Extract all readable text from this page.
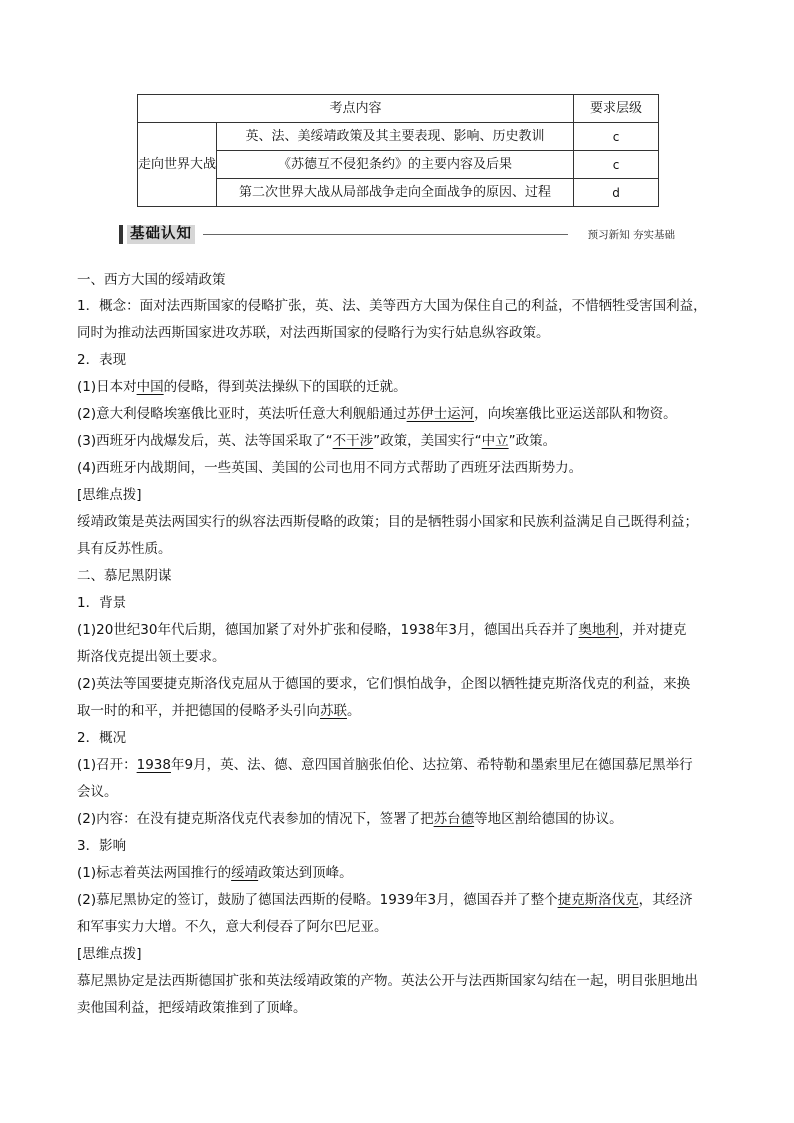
考点内容		要求层级
走向世界大战	英、法、美绥靖政策及其主要表现、影响、历史教训	c
	《苏德互不侵犯条约》的主要内容及后果	c
	第二次世界大战从局部战争走向全面战争的原因、过程	d
基础认知	预习新知 夯实基础
一、西方大国的绥靖政策
1．概念：面对法西斯国家的侵略扩张，英、法、美等西方大国为保住自己的利益，不惜牺牲受害国利益，
同时为推动法西斯国家进攻苏联，对法西斯国家的侵略行为实行姑息纵容政策。
2．表现
(1)日本对中国的侵略，得到英法操纵下的国联的迁就。
(2)意大利侵略埃塞俄比亚时，英法听任意大利舰船通过苏伊士运河，向埃塞俄比亚运送部队和物资。
(3)西班牙内战爆发后，英、法等国采取了“不干涉”政策，美国实行“中立”政策。
(4)西班牙内战期间，一些英国、美国的公司也用不同方式帮助了西班牙法西斯势力。
[思维点拨]
绥靖政策是英法两国实行的纵容法西斯侵略的政策；目的是牺牲弱小国家和民族利益满足自己既得利益；
具有反苏性质。
二、慕尼黑阴谋
1．背景
(1)20世纪30年代后期，德国加紧了对外扩张和侵略，1938年3月，德国出兵吞并了奥地利，并对捷克
斯洛伐克提出领土要求。
(2)英法等国要捷克斯洛伐克屈从于德国的要求，它们惧怕战争，企图以牺牲捷克斯洛伐克的利益，来换
取一时的和平，并把德国的侵略矛头引向苏联。
2．概况
(1)召开：1938年9月，英、法、德、意四国首脑张伯伦、达拉第、希特勒和墨索里尼在德国慕尼黑举行
会议。
(2)内容：在没有捷克斯洛伐克代表参加的情况下，签署了把苏台德等地区割给德国的协议。
3．影响
(1)标志着英法两国推行的绥靖政策达到顶峰。
(2)慕尼黑协定的签订，鼓励了德国法西斯的侵略。1939年3月，德国吞并了整个捷克斯洛伐克，其经济
和军事实力大增。不久，意大利侵吞了阿尔巴尼亚。
[思维点拨]
慕尼黑协定是法西斯德国扩张和英法绥靖政策的产物。英法公开与法西斯国家勾结在一起，明目张胆地出
卖他国利益，把绥靖政策推到了顶峰。
